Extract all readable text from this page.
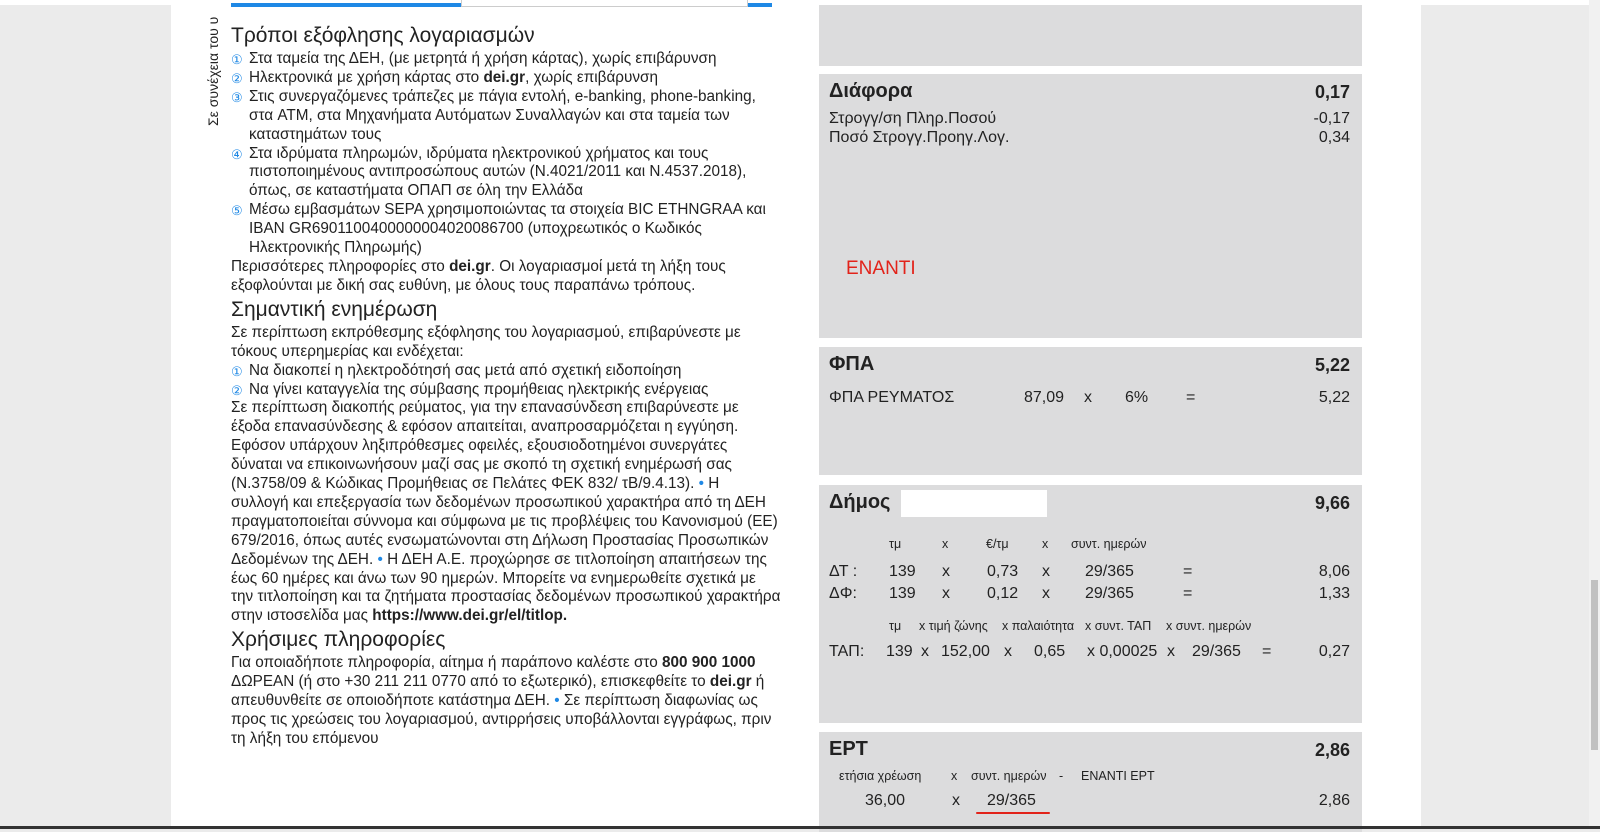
Σε συνέχεια του υ Τρόποι εξόφλησης λογαριασμών
① Στα ταμεία της ΔΕΗ, (με μετρητά ή χρήση κάρτας), χωρίς επιβάρυνση
② Ηλεκτρονικά με χρήση κάρτας στο dei.gr, χωρίς επιβάρυνση
③ Στις συνεργαζόμενες τράπεζες με πάγια εντολή, e-banking, phone-banking, στα ATM, στα Μηχανήματα Αυτόματων Συναλλαγών και στα ταμεία των καταστημάτων τους
④ Στα ιδρύματα πληρωμών, ιδρύματα ηλεκτρονικού χρήματος και τους πιστοποιημένους αντιπροσώπους αυτών (Ν.4021/2011 και Ν.4537.2018), όπως, σε καταστήματα ΟΠΑΠ σε όλη την Ελλάδα
⑤ Μέσω εμβασμάτων SEPA χρησιμοποιώντας τα στοιχεία BIC ETHNGRAA και IBAN GR6901100400000004020086700 (υποχρεωτικός ο Κωδικός Ηλεκτρονικής Πληρωμής)

Περισσότερες πληροφορίες στο dei.gr. Οι λογαριασμοί μετά τη λήξη τους εξοφλούνται με δική σας ευθύνη, με όλους τους παραπάνω τρόπους.

Σημαντική ενημέρωση

Σε περίπτωση εκπρόθεσμης εξόφλησης του λογαριασμού, επιβαρύνεστε με τόκους υπερημερίας και ενδέχεται:

① Να διακοπεί η ηλεκτροδότησή σας μετά από σχετική ειδοποίηση
② Να γίνει καταγγελία της σύμβασης προμήθειας ηλεκτρικής ενέργειας

Σε περίπτωση διακοπής ρεύματος, για την επανασύνδεση επιβαρύνεστε με έξοδα επανασύνδεσης & εφόσον απαιτείται, αναπροσαρμόζεται η εγγύηση. Εφόσον υπάρχουν ληξιπρόθεσμες οφειλές, εξουσιοδοτημένοι συνεργάτες δύναται να επικοινωνήσουν μαζί σας με σκοπό τη σχετική ενημέρωσή σας (Ν.3758/09 & Κώδικας Προμήθειας σε Πελάτες ΦΕΚ 832/ τΒ/9.4.13). • Η συλλογή και επεξεργασία των δεδομένων προσωπικού χαρακτήρα από τη ΔΕΗ πραγματοποιείται σύννομα και σύμφωνα με τις προβλέψεις του Κανονισμού (ΕΕ) 679/2016, όπως αυτές ενσωματώνονται στη Δήλωση Προστασίας Προσωπικών Δεδομένων της ΔΕΗ. • Η ΔΕΗ Α.Ε. προχώρησε σε τιτλοποίηση απαιτήσεων της έως 60 ημέρες και άνω των 90 ημερών. Μπορείτε να ενημερωθείτε σχετικά με την τιτλοποίηση και τα ζητήματα προστασίας δεδομένων προσωπικού χαρακτήρα στην ιστοσελίδα μας https://www.dei.gr/el/titlop.

Χρήσιμες πληροφορίες

Για οποιαδήποτε πληροφορία, αίτημα ή παράπονο καλέστε στο 800 900 1000 ΔΩΡΕΑΝ (ή στο +30 211 211 0770 από το εξωτερικό), επισκεφθείτε το dei.gr ή απευθυνθείτε σε οποιοδήποτε κατάστημα ΔΕΗ. • Σε περίπτωση διαφωνίας ως προς τις χρεώσεις του λογαριασμού, αντιρρήσεις υποβάλλονται εγγράφως, πριν τη λήξη του επόμενου

Διάφορα	0,17
Στρογγ/ση Πληρ.Ποσού	-0,17
Ποσό Στρογγ.Προηγ.Λογ.	0,34
ΕΝΑΝΤΙ
ΦΠΑ	5,22
ΦΠΑ ΡΕΥΜΑΤΟΣ	87,09 x 6% =	5,22
Δήμος	9,66
τμ	x	€/τμ	x συντ. ημερών
ΔΤ : 139 x 0,73 x 29/365	=	8,06
ΔΦ: 139 x 0,12 x 29/365	=	1,33
τμ x τιμή ζώνης x παλαιότητα x συντ. ΤΑΠ x συντ. ημερών
ΤΑΠ: 139 x 152,00 x 0,65 x 0,00025 x 29/365 =	0,27
ΕΡΤ	2,86
ετήσια χρέωση x συντ. ημερών - ΕΝΑΝΤΙ ΕΡΤ
36,00	x 29/365	2,86
